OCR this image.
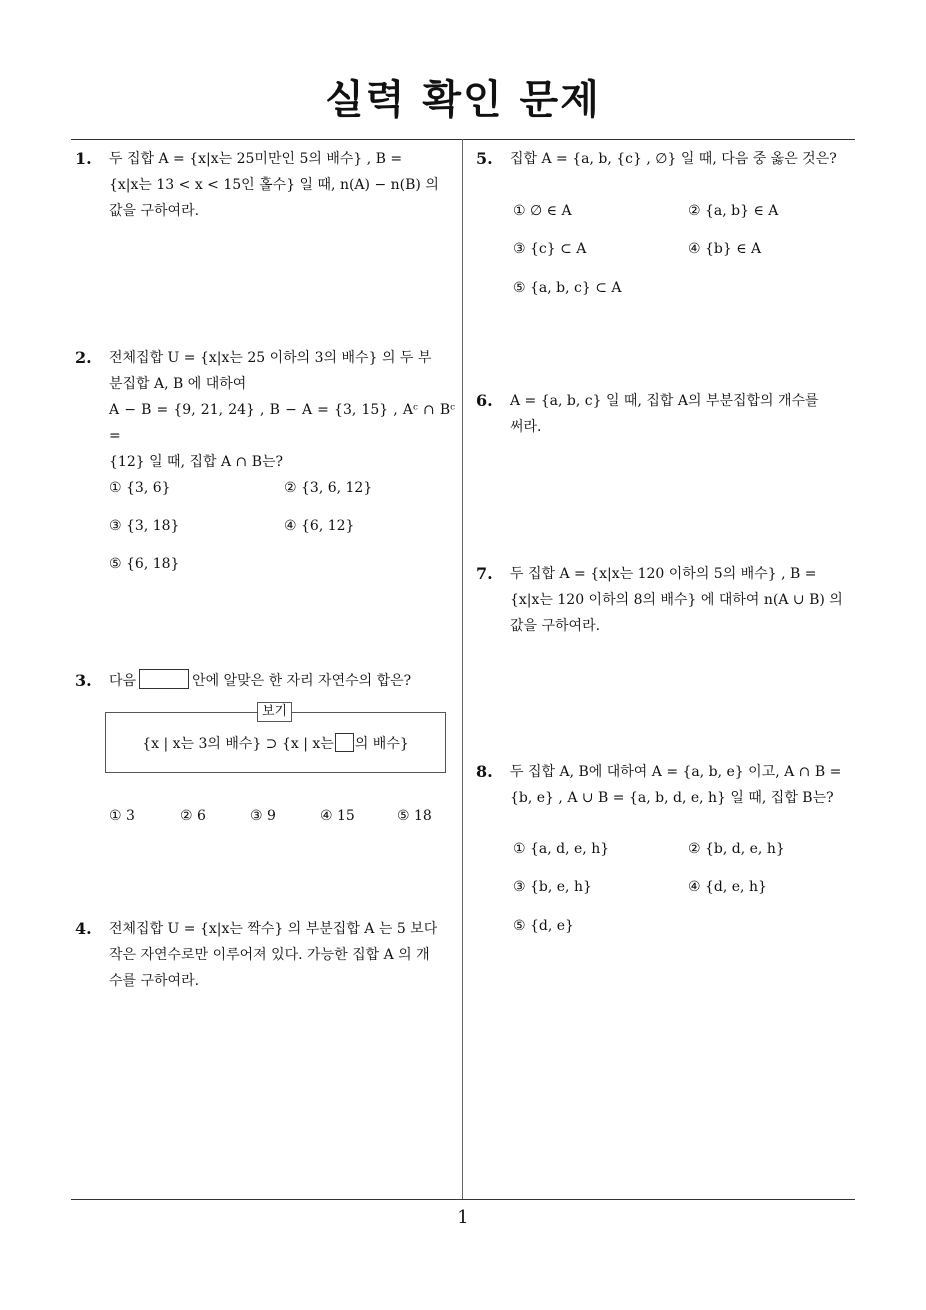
실력 확인 문제
1. 두 집합 A = {x|x는 25미만인 5의 배수} , B =

{x|x는 13 < x < 15인 홀수} 일 때, n(A) − n(B) 의

값을 구하여라.

2. 전체집합 U = {x|x는 25 이하의 3의 배수} 의 두 부

분집합 A, B 에 대하여

A − B = {9, 21, 24} , B − A = {3, 15} , Aᶜ ∩ Bᶜ =

{12} 일 때, 집합 A ∩ B는?

① {3, 6}	② {3, 6, 12}
③ {3, 18}	④ {6, 12}
⑤ {6, 18}
3. 다음	안에 알맞은 한 자리 자연수의 합은?
보기
{x | x는 3의 배수} ⊃ {x | x는 의 배수}
① 3	② 6	③ 9	④ 15	⑤ 18
4. 전체집합 U = {x|x는 짝수} 의 부분집합 A 는 5 보다

작은 자연수로만 이루어져 있다. 가능한 집합 A 의 개

수를 구하여라.

5. 집합 A = {a, b, {c} , ∅} 일 때, 다음 중 옳은 것은?

① ∅ ∈ A	② {a, b} ∈ A
③ {c} ⊂ A	④ {b} ∈ A
⑤ {a, b, c} ⊂ A
6. A = {a, b, c} 일 때, 집합 A의 부분집합의 개수를

써라.

7. 두 집합 A = {x|x는 120 이하의 5의 배수} , B =

{x|x는 120 이하의 8의 배수} 에 대하여 n(A ∪ B) 의

값을 구하여라.

8. 두 집합 A, B에 대하여 A = {a, b, e} 이고, A ∩ B =

{b, e} , A ∪ B = {a, b, d, e, h} 일 때, 집합 B는?

① {a, d, e, h}	② {b, d, e, h}
③ {b, e, h}	④ {d, e, h}
⑤ {d, e}
1
